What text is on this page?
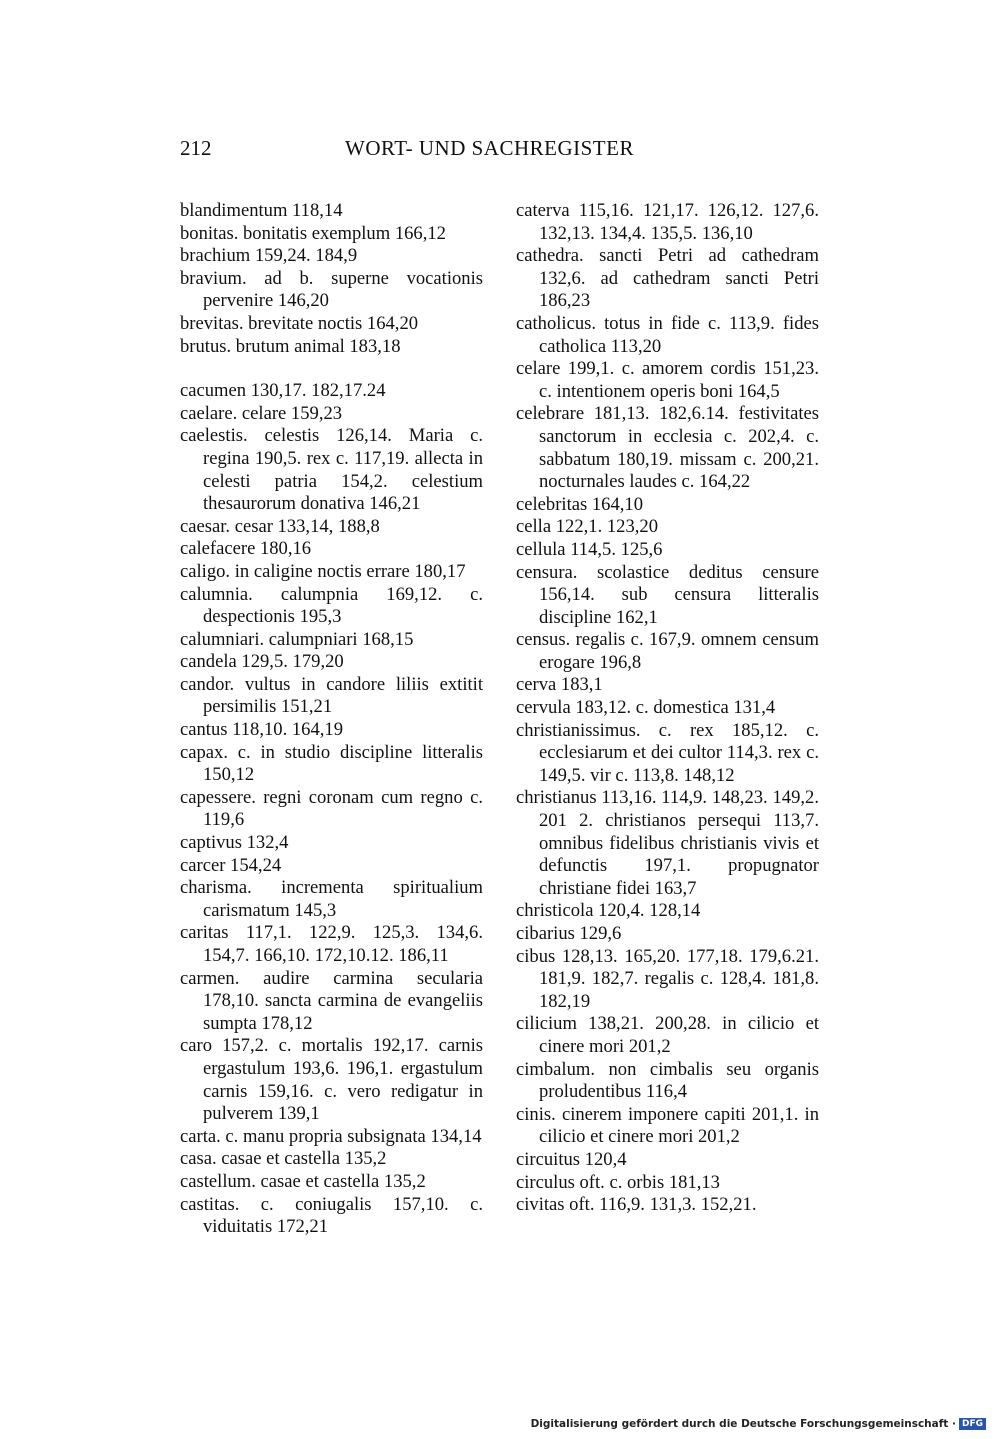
212	WORT- UND SACHREGISTER

blandimentum 118,14

bonitas. bonitatis exemplum 166,12

brachium 159,24. 184,9

bravium. ad b. superne vocationis pervenire 146,20

brevitas. brevitate noctis 164,20

brutus. brutum animal 183,18

cacumen 130,17. 182,17.24

caelare. celare 159,23

caelestis. celestis 126,14. Maria c. regina 190,5. rex c. 117,19. allecta in celesti patria 154,2. celestium thesaurorum donativa 146,21

caesar. cesar 133,14, 188,8

calefacere 180,16

caligo. in caligine noctis errare 180,17

calumnia. calumpnia 169,12. c. despectionis 195,3

calumniari. calumpniari 168,15

candela 129,5. 179,20

candor. vultus in candore liliis extitit persimilis 151,21

cantus 118,10. 164,19

capax. c. in studio discipline litteralis 150,12

capessere. regni coronam cum regno c. 119,6

captivus 132,4

carcer 154,24

charisma. incrementa spiritualium carismatum 145,3

caritas 117,1. 122,9. 125,3. 134,6. 154,7. 166,10. 172,10.12. 186,11

carmen. audire carmina secularia 178,10. sancta carmina de evangeliis sumpta 178,12

caro 157,2. c. mortalis 192,17. carnis ergastulum 193,6. 196,1. ergastulum carnis 159,16. c. vero redigatur in pulverem 139,1

carta. c. manu propria subsignata 134,14

casa. casae et castella 135,2

castellum. casae et castella 135,2

castitas. c. coniugalis 157,10. c. viduitatis 172,21

caterva 115,16. 121,17. 126,12. 127,6. 132,13. 134,4. 135,5. 136,10

cathedra. sancti Petri ad cathedram 132,6. ad cathedram sancti Petri 186,23

catholicus. totus in fide c. 113,9. fides catholica 113,20

celare 199,1. c. amorem cordis 151,23. c. intentionem operis boni 164,5

celebrare 181,13. 182,6.14. festivitates sanctorum in ecclesia c. 202,4. c. sabbatum 180,19. missam c. 200,21. nocturnales laudes c. 164,22

celebritas 164,10

cella 122,1. 123,20

cellula 114,5. 125,6

censura. scolastice deditus censure 156,14. sub censura litteralis discipline 162,1

census. regalis c. 167,9. omnem censum erogare 196,8

cerva 183,1

cervula 183,12. c. domestica 131,4

christianissimus. c. rex 185,12. c. ecclesiarum et dei cultor 114,3. rex c. 149,5. vir c. 113,8. 148,12

christianus 113,16. 114,9. 148,23. 149,2. 201 2. christianos persequi 113,7. omnibus fidelibus christianis vivis et defunctis 197,1. propugnator christiane fidei 163,7

christicola 120,4. 128,14

cibarius 129,6

cibus 128,13. 165,20. 177,18. 179,6.21. 181,9. 182,7. regalis c. 128,4. 181,8. 182,19

cilicium 138,21. 200,28. in cilicio et cinere mori 201,2

cimbalum. non cimbalis seu organis proludentibus 116,4

cinis. cinerem imponere capiti 201,1. in cilicio et cinere mori 201,2

circuitus 120,4

circulus oft. c. orbis 181,13

civitas oft. 116,9. 131,3. 152,21.

Digitalisierung gefördert durch die Deutsche Forschungsgemeinschaft · DFG
